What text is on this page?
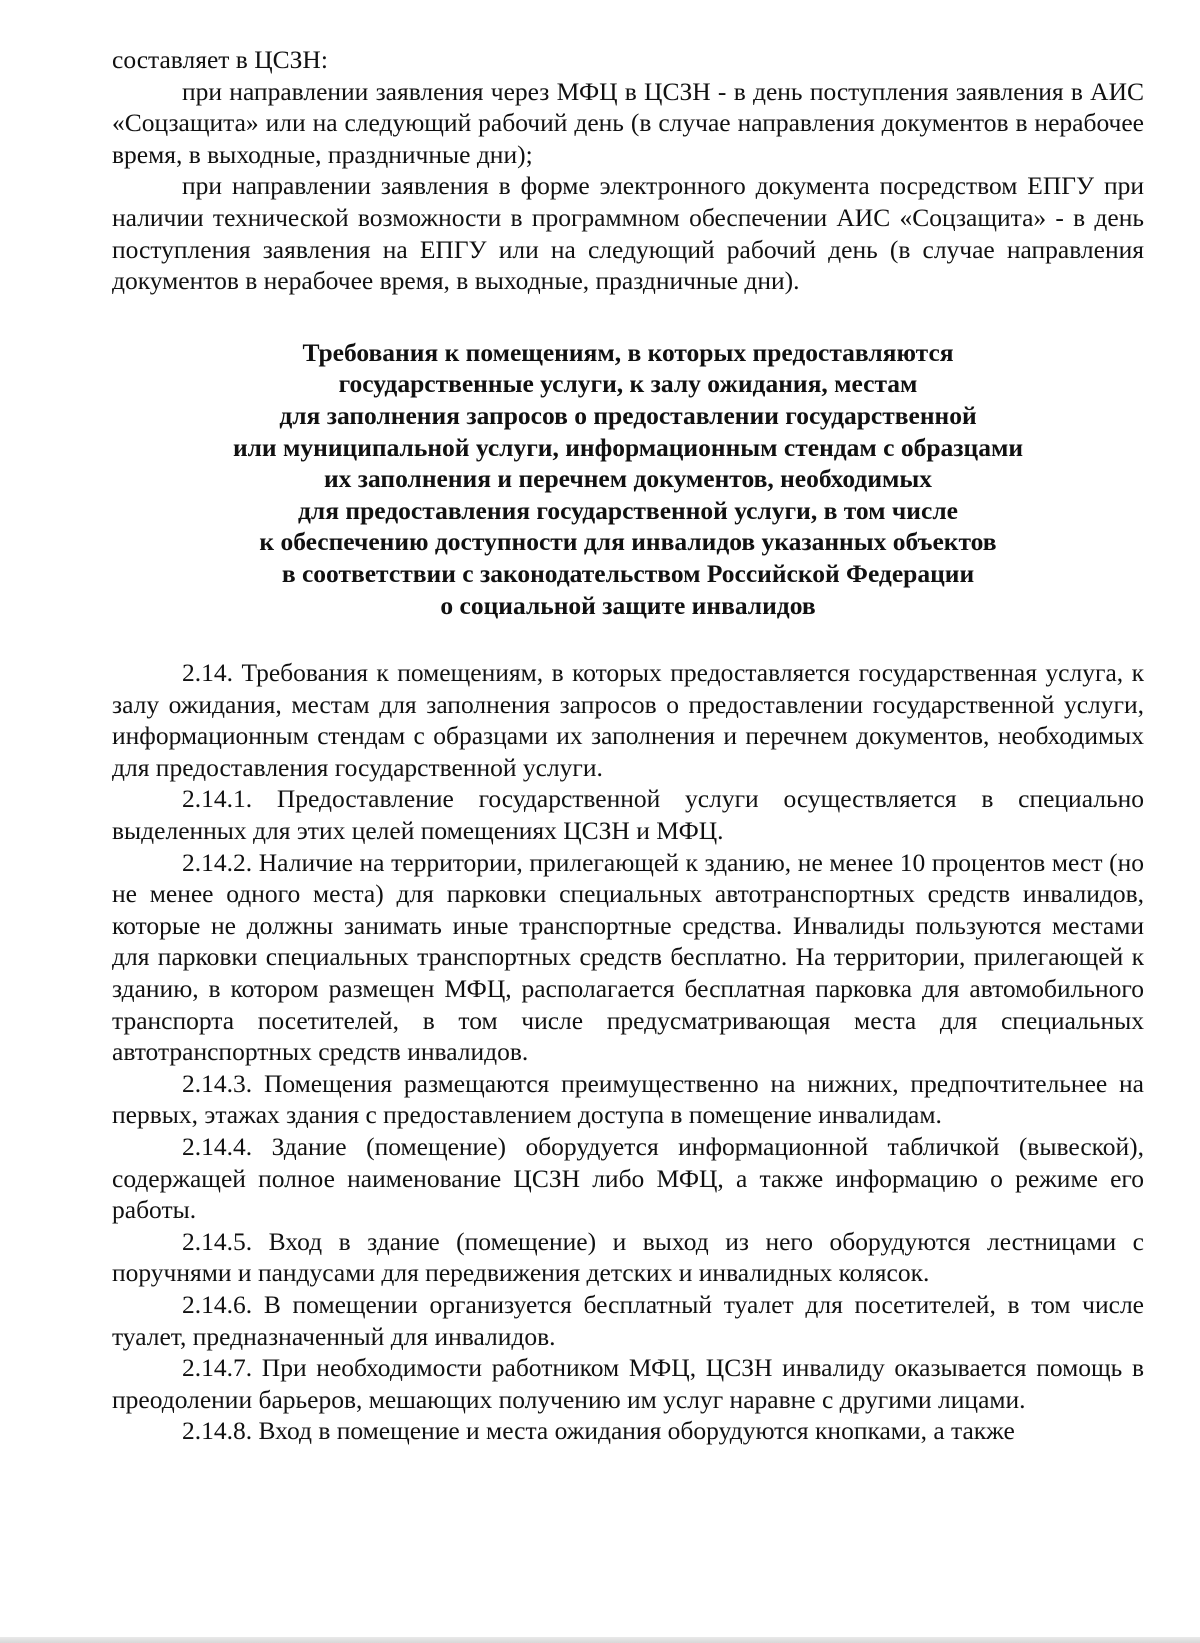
составляет в ЦСЗН:

при направлении заявления через МФЦ в ЦСЗН - в день поступления заявления в АИС «Соцзащита» или на следующий рабочий день (в случае направления документов в нерабочее время, в выходные, праздничные дни);

при направлении заявления в форме электронного документа посредством ЕПГУ при наличии технической возможности в программном обеспечении АИС «Соцзащита» - в день поступления заявления на ЕПГУ или на следующий рабочий день (в случае направления документов в нерабочее время, в выходные, праздничные дни).

Требования к помещениям, в которых предоставляются
государственные услуги, к залу ожидания, местам
для заполнения запросов о предоставлении государственной
или муниципальной услуги, информационным стендам с образцами
их заполнения и перечнем документов, необходимых
для предоставления государственной услуги, в том числе
к обеспечению доступности для инвалидов указанных объектов
в соответствии с законодательством Российской Федерации
о социальной защите инвалидов

2.14. Требования к помещениям, в которых предоставляется государственная услуга, к залу ожидания, местам для заполнения запросов о предоставлении государственной услуги, информационным стендам с образцами их заполнения и перечнем документов, необходимых для предоставления государственной услуги.

2.14.1. Предоставление государственной услуги осуществляется в специально выделенных для этих целей помещениях ЦСЗН и МФЦ.

2.14.2. Наличие на территории, прилегающей к зданию, не менее 10 процентов мест (но не менее одного места) для парковки специальных автотранспортных средств инвалидов, которые не должны занимать иные транспортные средства. Инвалиды пользуются местами для парковки специальных транспортных средств бесплатно. На территории, прилегающей к зданию, в котором размещен МФЦ, располагается бесплатная парковка для автомобильного транспорта посетителей, в том числе предусматривающая места для специальных автотранспортных средств инвалидов.

2.14.3. Помещения размещаются преимущественно на нижних, предпочтительнее на первых, этажах здания с предоставлением доступа в помещение инвалидам.

2.14.4. Здание (помещение) оборудуется информационной табличкой (вывеской), содержащей полное наименование ЦСЗН либо МФЦ, а также информацию о режиме его работы.

2.14.5. Вход в здание (помещение) и выход из него оборудуются лестницами с поручнями и пандусами для передвижения детских и инвалидных колясок.

2.14.6. В помещении организуется бесплатный туалет для посетителей, в том числе туалет, предназначенный для инвалидов.

2.14.7. При необходимости работником МФЦ, ЦСЗН инвалиду оказывается помощь в преодолении барьеров, мешающих получению им услуг наравне с другими лицами.

2.14.8. Вход в помещение и места ожидания оборудуются кнопками, а также
